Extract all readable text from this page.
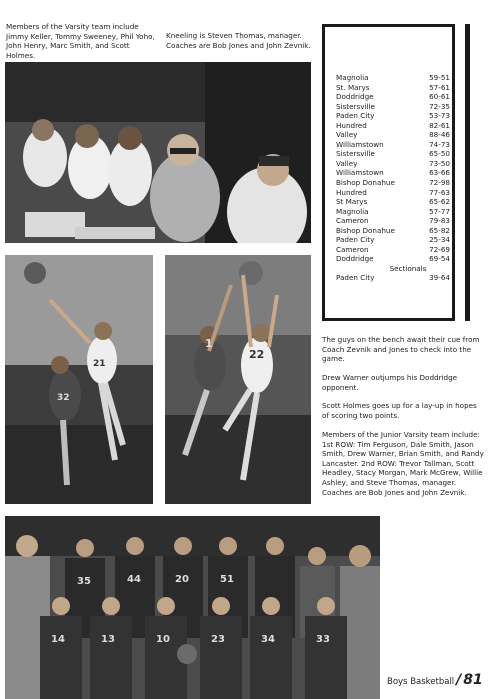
Members of the Varsity team include Jimmy Keller, Tommy Sweeney, Phil Yoho, John Henry, Marc Smith, and Scott Holmes.
Kneeling is Steven Thomas, manager. Coaches are Bob Jones and John Zevnik.
21
32
22
1
Magnolia	59-51
St. Marys	57-61
Doddridge	60-61
Sistersville	72-35
Paden City	53-73
Hundred	82-61
Valley	88-46
Williamstown	74-73
Sistersville	65-50
Valley	73-50
Williamstown	63-66
Bishop Donahue	72-98
Hundred	77-63
St Marys	65-62
Magnolia	57-77
Cameron	79-83
Bishop Donahue	65-82
Paden City	25-34
Cameron	72-69
Doddridge	69-54
Sectionals
Paden City	39-64
The guys on the bench await their cue from Coach Zevnik and Jones to check into the game.
Drew Warner outjumps his Doddridge opponent.
Scott Holmes goes up for a lay-up in hopes of scoring two points.
Members of the Junior Varsity team include: 1st ROW: Tim Ferguson, Dale Smith, Jason Smith, Drew Warner, Brian Smith, and Randy Lancaster. 2nd ROW: Trevor Tallman, Scott Headley, Stacy Morgan, Mark McGrew, Willie Ashley, and Steve Thomas, manager. Coaches are Bob Jones and John Zevnik.
35	44	20	51
14	13	10	23	34	33
Boys Basketball / 81
